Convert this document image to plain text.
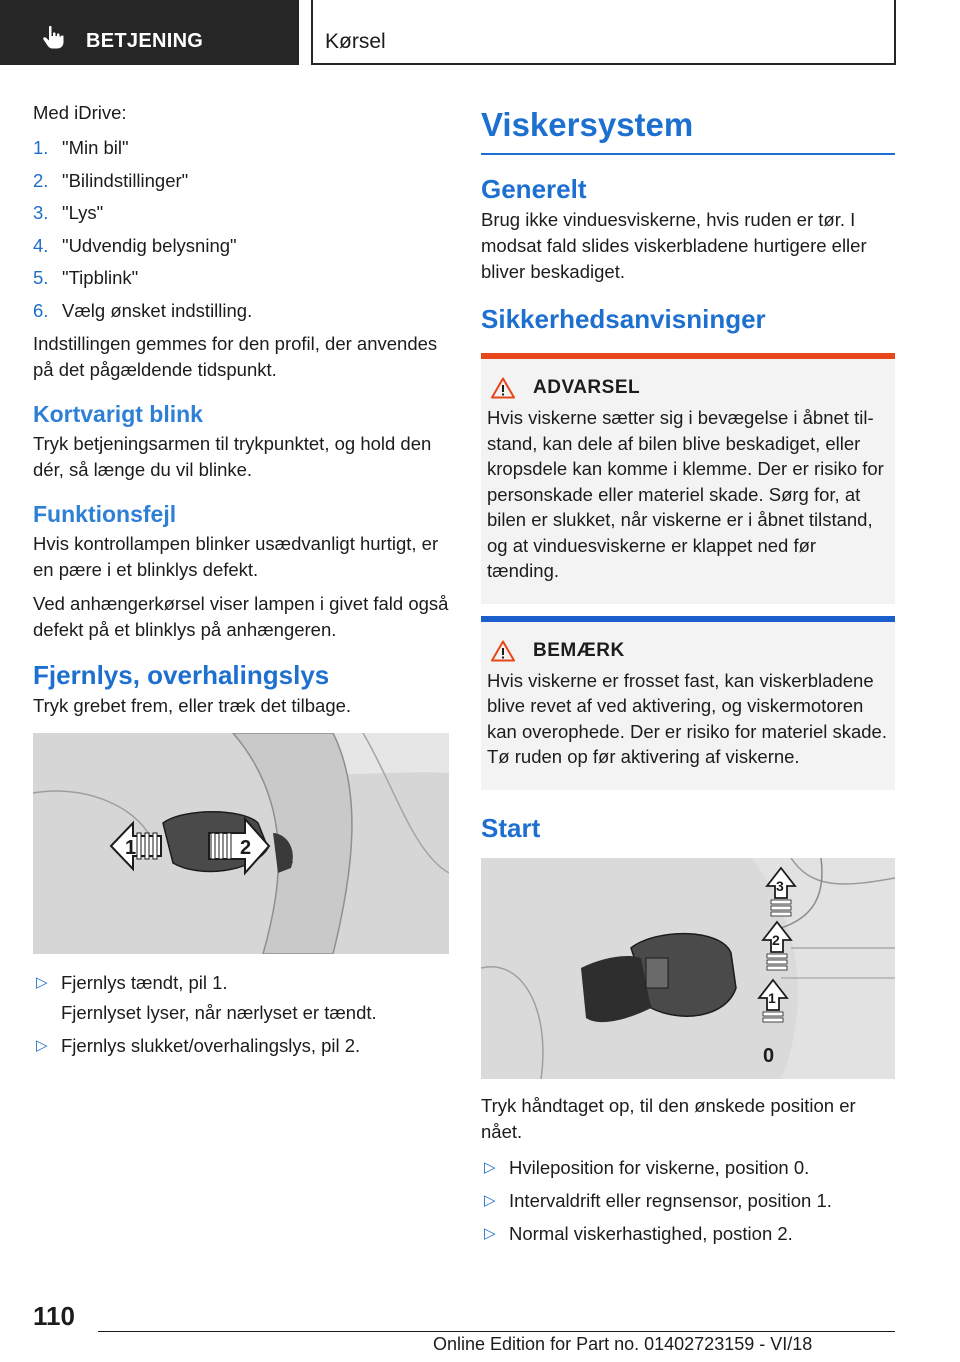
BETJENING	Kørsel

Med iDrive:

1. "Min bil"
2. "Bilindstillinger"
3. "Lys"
4. "Udvendig belysning"
5. "Tipblink"
6. Vælg ønsket indstilling.

Indstillingen gemmes for den profil, der anvendes på det pågældende tidspunkt.

Kortvarigt blink

Tryk betjeningsarmen til trykpunktet, og hold den dér, så længe du vil blinke.

Funktionsfejl

Hvis kontrollampen blinker usædvanligt hurtigt, er en pære i et blinklys defekt.

Ved anhængerkørsel viser lampen i givet fald også defekt på et blinklys på anhængeren.

Fjernlys, overhalingslys

Tryk grebet frem, eller træk det tilbage.

1	2
▷ Fjernlys tændt, pil 1.
Fjernlyset lyser, når nærlyset er tændt.
▷ Fjernlys slukket/overhalingslys, pil 2.
Viskersystem
Generelt

Brug ikke vinduesviskerne, hvis ruden er tør. I modsat fald slides viskerbladene hurtigere eller bliver beskadiget.

Sikkerhedsanvisninger
ADVARSEL

Hvis viskerne sætter sig i bevægelse i åbnet tilstand, kan dele af bilen blive beskadiget, eller kropsdele kan komme i klemme. Der er risiko for personskade eller materiel skade. Sørg for, at bilen er slukket, når viskerne er i åbnet tilstand, og at vinduesviskerne er klappet ned før tænding.

BEMÆRK

Hvis viskerne er frosset fast, kan viskerbladene blive revet af ved aktivering, og viskermotoren kan overophede. Der er risiko for materiel skade. Tø ruden op før aktivering af viskerne.

Start
3
2
1
0

Tryk håndtaget op, til den ønskede position er nået.

▷ Hvileposition for viskerne, position 0.
▷ Intervaldrift eller regnsensor, position 1.
▷ Normal viskerhastighed, postion 2.
110
Online Edition for Part no. 01402723159 - VI/18
